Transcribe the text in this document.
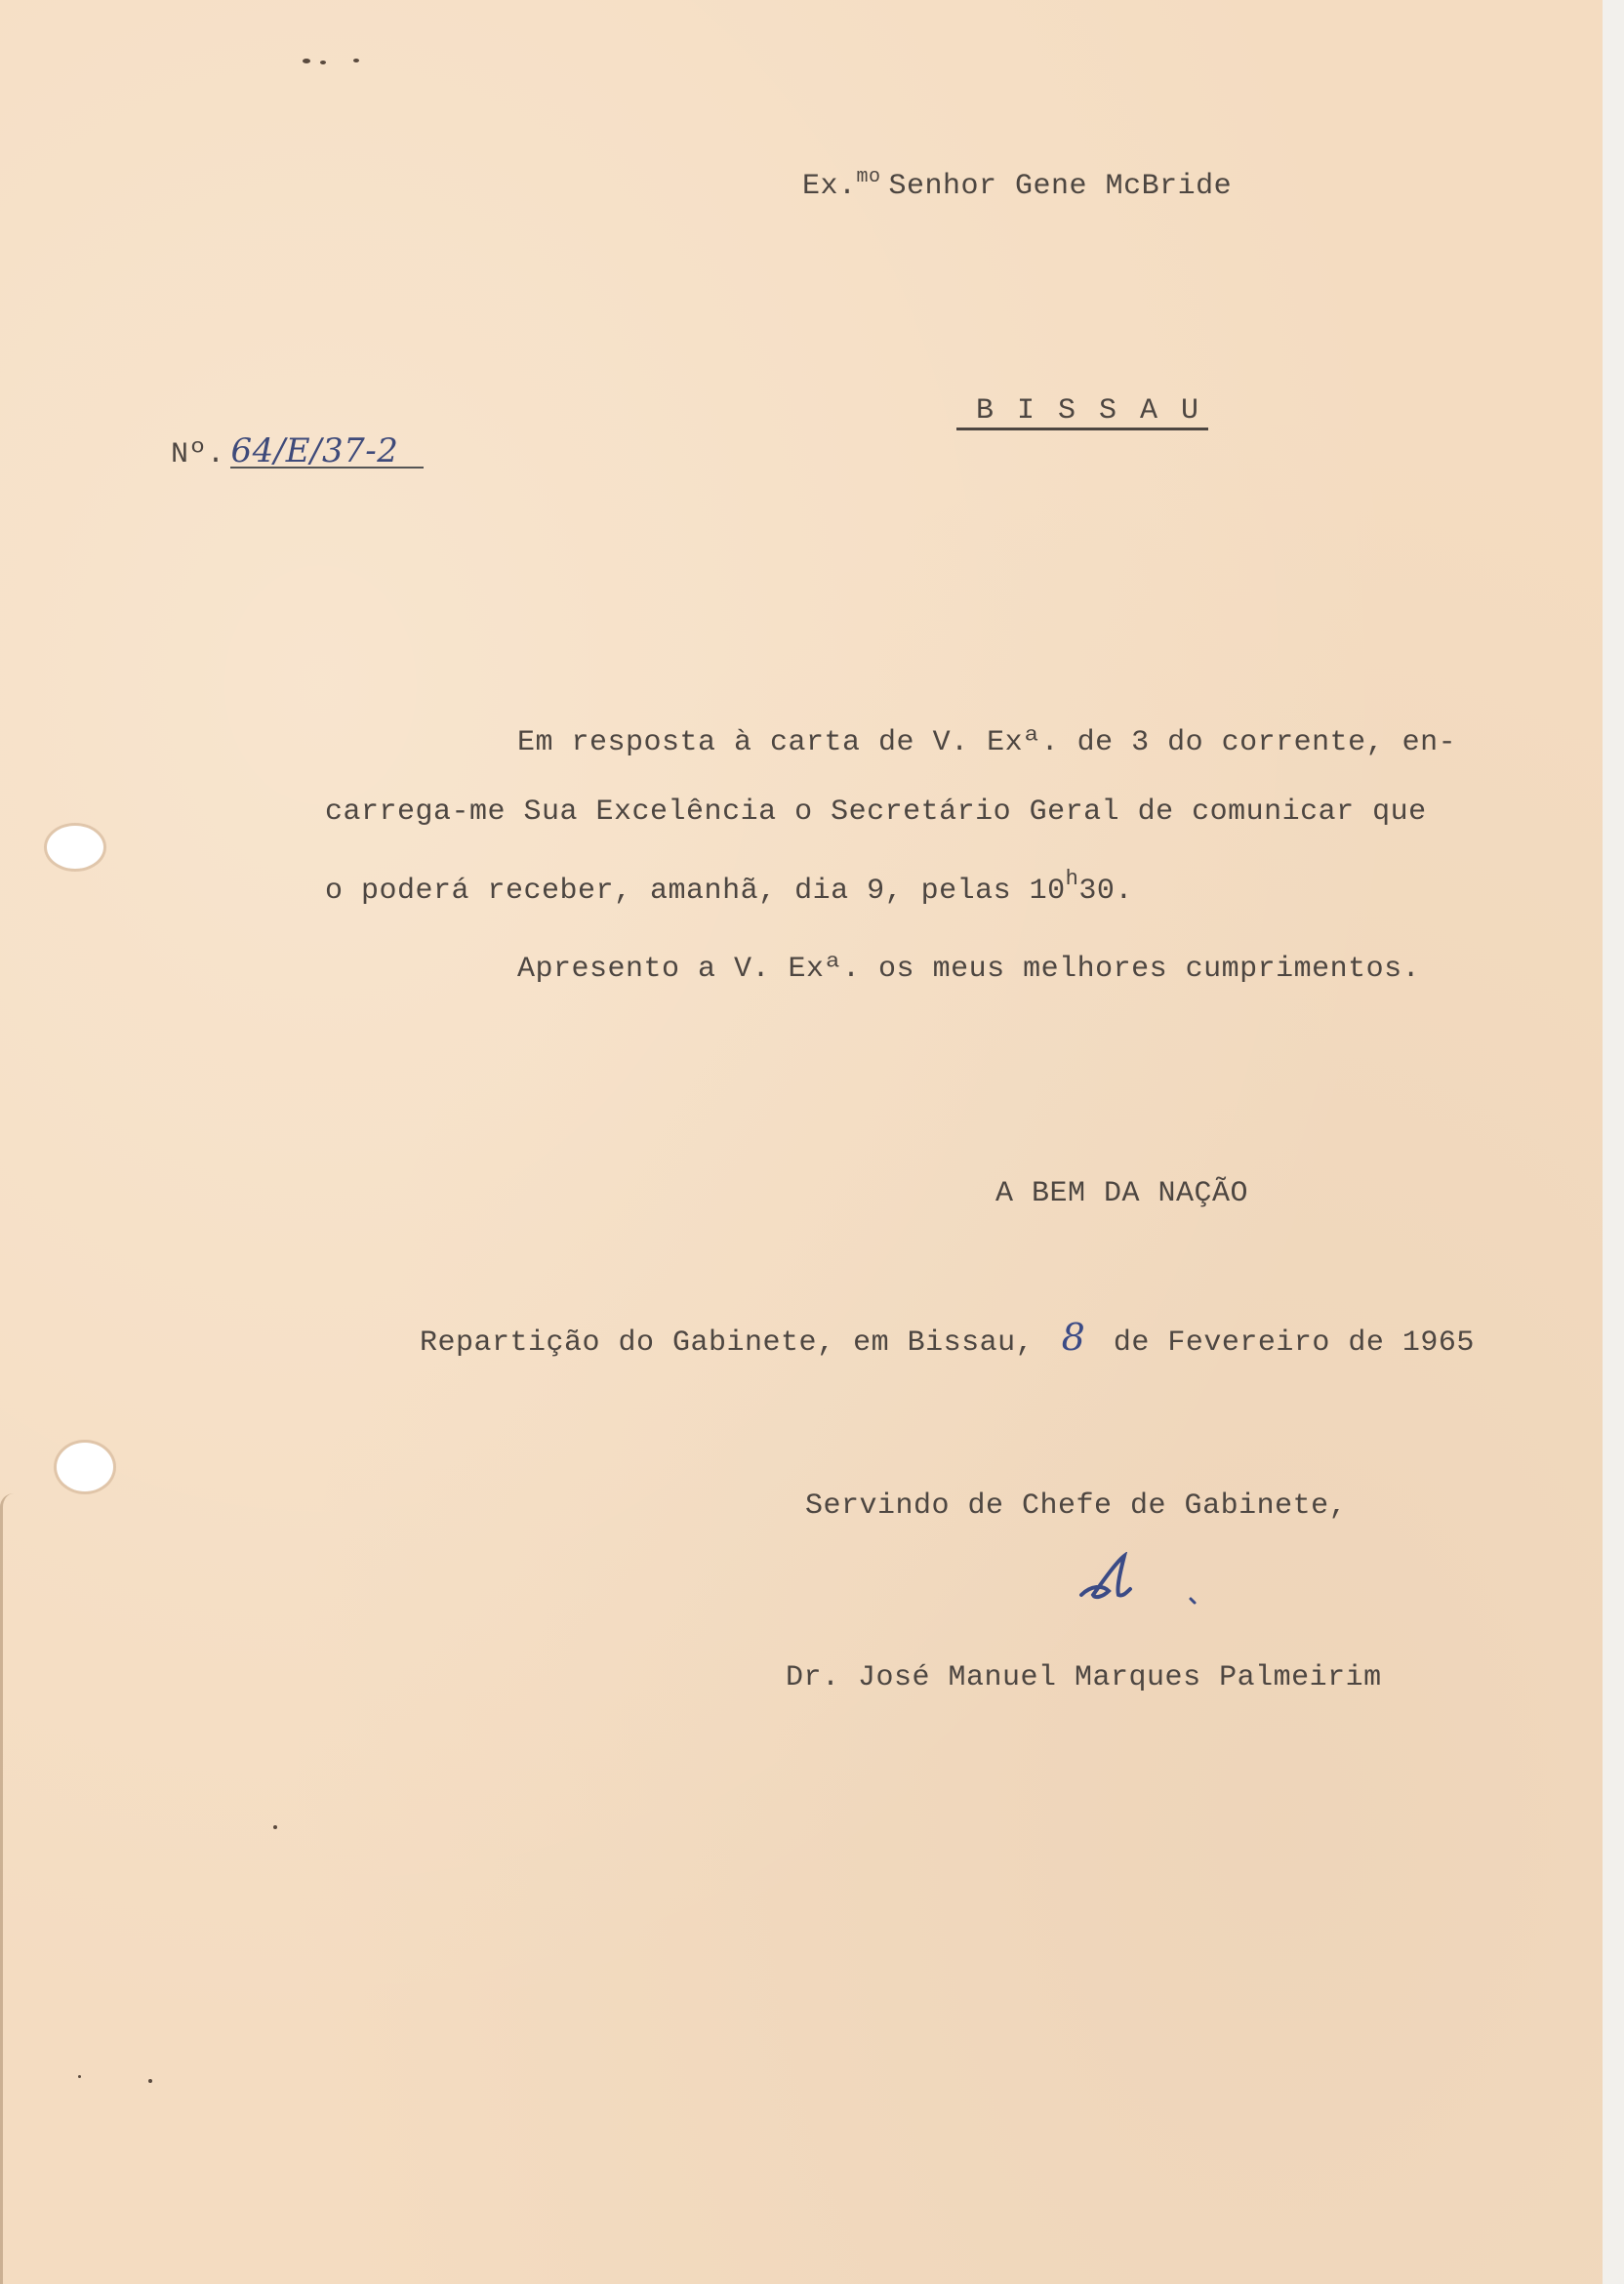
Ex.$^{mo}$ Senhor Gene McBride
B I S S A U
Nº. 64/E/37-2
Em resposta à carta de V. Exª. de 3 do corrente, en-
carrega-me Sua Excelência o Secretário Geral de comunicar que
o poderá receber, amanhã, dia 9, pelas 10$^h$30.
Apresento a V. Exª. os meus melhores cumprimentos.
A BEM DA NAÇÃO
Repartição do Gabinete, em Bissau, 8 de Fevereiro de 1965
Servindo de Chefe de Gabinete,
Dr. José Manuel Marques Palmeirim
